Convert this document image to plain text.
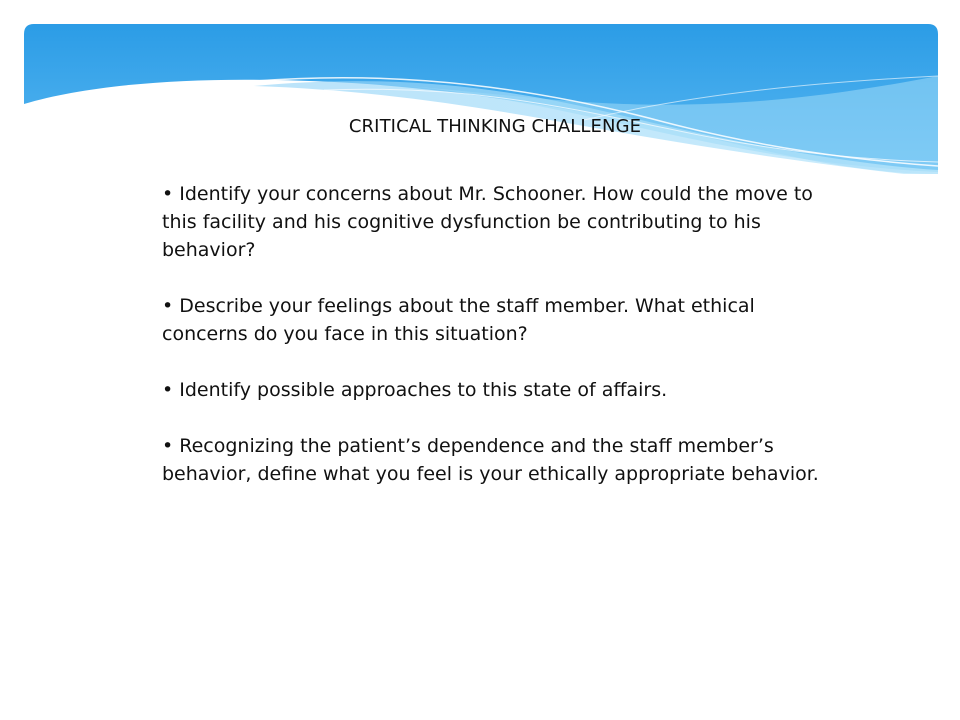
CRITICAL THINKING CHALLENGE

• Identify your concerns about Mr. Schooner. How could the move to this facility and his cognitive dysfunction be contributing to his behavior?

• Describe your feelings about the staff member. What ethical concerns do you face in this situation?

• Identify possible approaches to this state of affairs.

• Recognizing the patient’s dependence and the staff member’s behavior, define what you feel is your ethically appropriate behavior.
